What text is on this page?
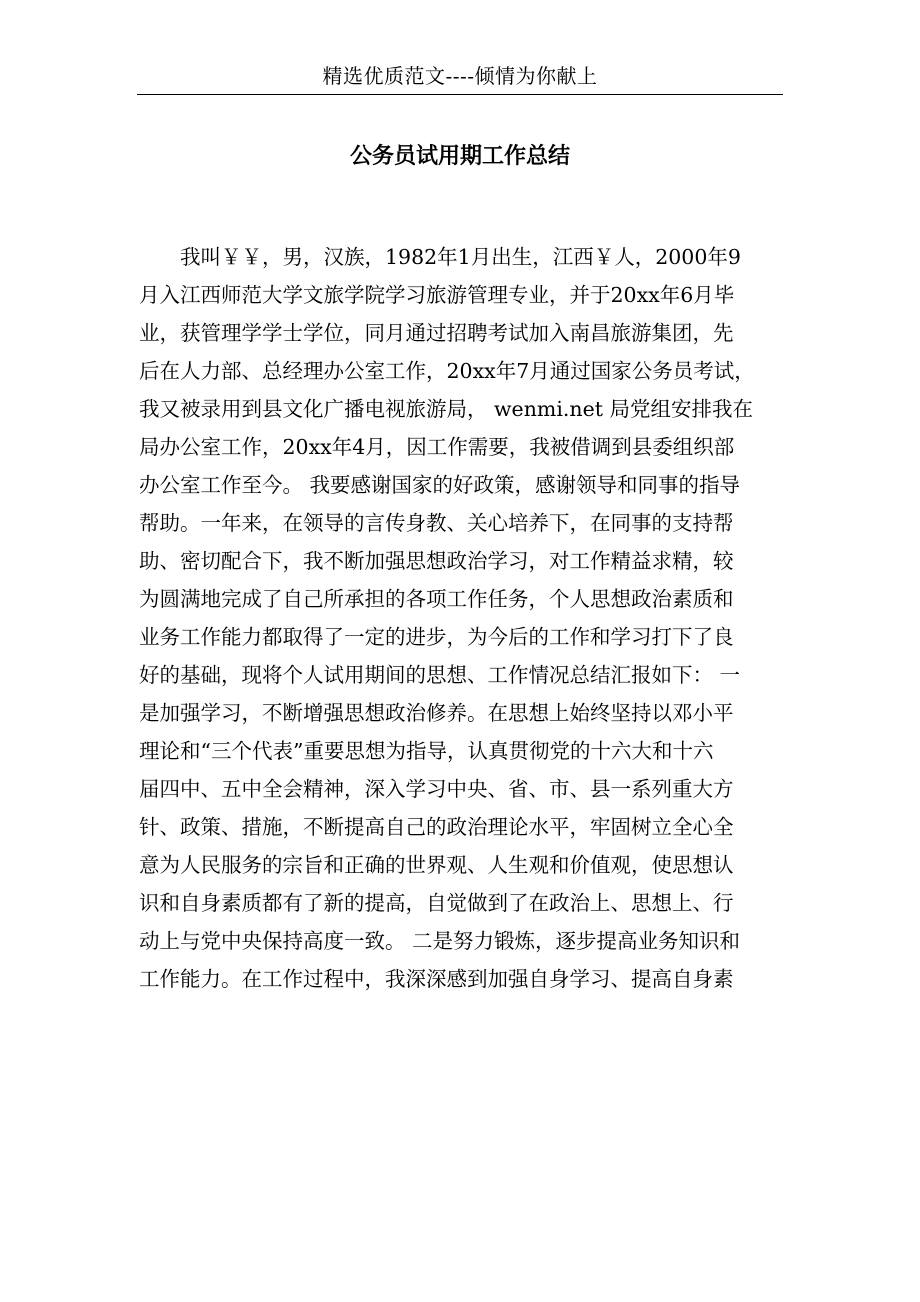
精选优质范文----倾情为你献上
公务员试用期工作总结
　　我叫￥￥，男，汉族，1982年1月出生，江西￥人，2000年9
月入江西师范大学文旅学院学习旅游管理专业，并于20xx年6月毕
业，获管理学学士学位，同月通过招聘考试加入南昌旅游集团，先
后在人力部、总经理办公室工作，20xx年7月通过国家公务员考试，
我又被录用到县文化广播电视旅游局， wenmi.net 局党组安排我在
局办公室工作，20xx年4月，因工作需要，我被借调到县委组织部
办公室工作至今。 我要感谢国家的好政策，感谢领导和同事的指导
帮助。一年来，在领导的言传身教、关心培养下，在同事的支持帮
助、密切配合下，我不断加强思想政治学习，对工作精益求精，较
为圆满地完成了自己所承担的各项工作任务，个人思想政治素质和
业务工作能力都取得了一定的进步，为今后的工作和学习打下了良
好的基础，现将个人试用期间的思想、工作情况总结汇报如下： 一
是加强学习，不断增强思想政治修养。在思想上始终坚持以邓小平
理论和“三个代表”重要思想为指导，认真贯彻党的十六大和十六
届四中、五中全会精神，深入学习中央、省、市、县一系列重大方
针、政策、措施，不断提高自己的政治理论水平，牢固树立全心全
意为人民服务的宗旨和正确的世界观、人生观和价值观，使思想认
识和自身素质都有了新的提高，自觉做到了在政治上、思想上、行
动上与党中央保持高度一致。 二是努力锻炼，逐步提高业务知识和
工作能力。在工作过程中，我深深感到加强自身学习、提高自身素
